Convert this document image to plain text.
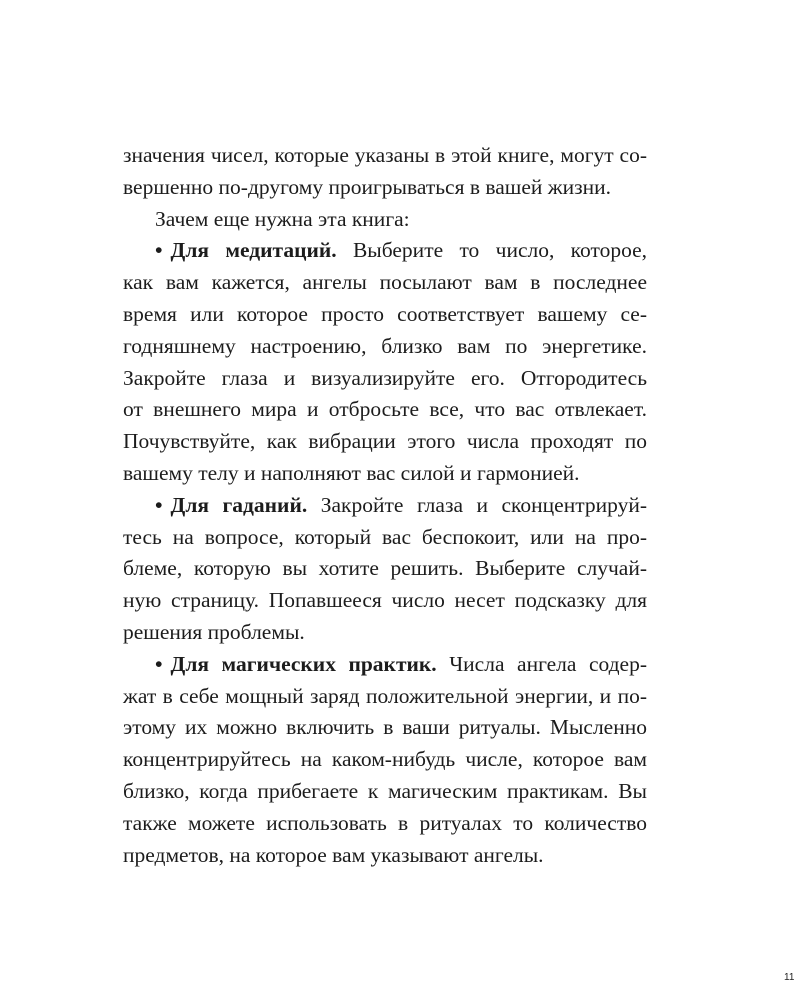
значения чисел, которые указаны в этой книге, могут со-
вершенно по-другому проигрываться в вашей жизни.
Зачем еще нужна эта книга:
• Для медитаций. Выберите то число, которое,
как вам кажется, ангелы посылают вам в последнее
время или которое просто соответствует вашему се-
годняшнему настроению, близко вам по энергетике.
Закройте глаза и визуализируйте его. Отгородитесь
от внешнего мира и отбросьте все, что вас отвлекает.
Почувствуйте, как вибрации этого числа проходят по
вашему телу и наполняют вас силой и гармонией.
• Для гаданий. Закройте глаза и сконцентрируй-
тесь на вопросе, который вас беспокоит, или на про-
блеме, которую вы хотите решить. Выберите случай-
ную страницу. Попавшееся число несет подсказку для
решения проблемы.
• Для магических практик. Числа ангела содер-
жат в себе мощный заряд положительной энергии, и по-
этому их можно включить в ваши ритуалы. Мысленно
концентрируйтесь на каком-нибудь числе, которое вам
близко, когда прибегаете к магическим практикам. Вы
также можете использовать в ритуалах то количество
предметов, на которое вам указывают ангелы.
11
